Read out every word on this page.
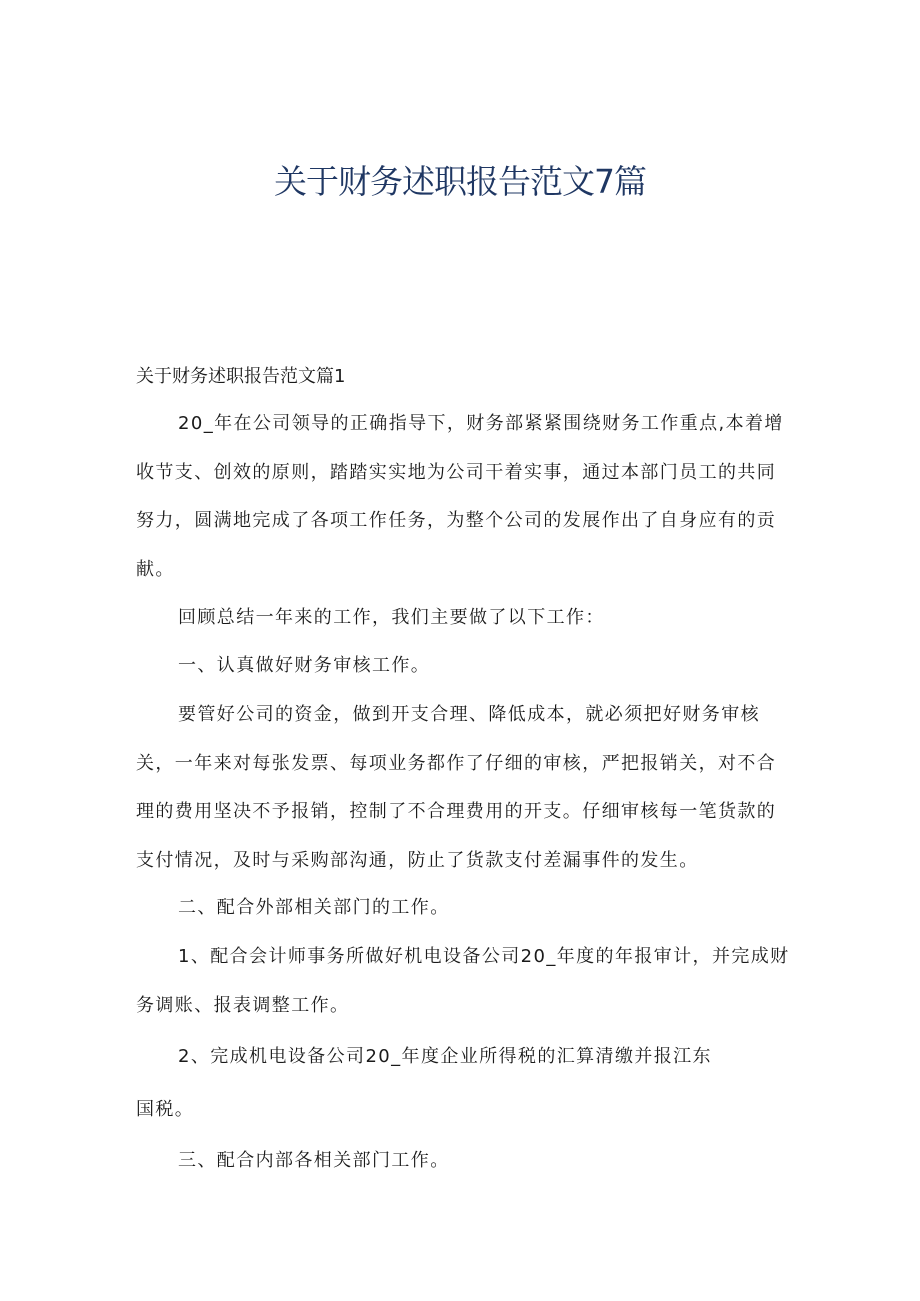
关于财务述职报告范文7篇

关于财务述职报告范文篇1

20_年在公司领导的正确指导下，财务部紧紧围绕财务工作重点,本着增收节支、创效的原则，踏踏实实地为公司干着实事，通过本部门员工的共同努力，圆满地完成了各项工作任务，为整个公司的发展作出了自身应有的贡献。

回顾总结一年来的工作，我们主要做了以下工作：

一、认真做好财务审核工作。

要管好公司的资金，做到开支合理、降低成本，就必须把好财务审核关，一年来对每张发票、每项业务都作了仔细的审核，严把报销关，对不合理的费用坚决不予报销，控制了不合理费用的开支。仔细审核每一笔货款的支付情况，及时与采购部沟通，防止了货款支付差漏事件的发生。

二、配合外部相关部门的工作。

1、配合会计师事务所做好机电设备公司20_年度的年报审计，并完成财务调账、报表调整工作。

2、完成机电设备公司20_年度企业所得税的汇算清缴并报江东

国税。

三、配合内部各相关部门工作。
